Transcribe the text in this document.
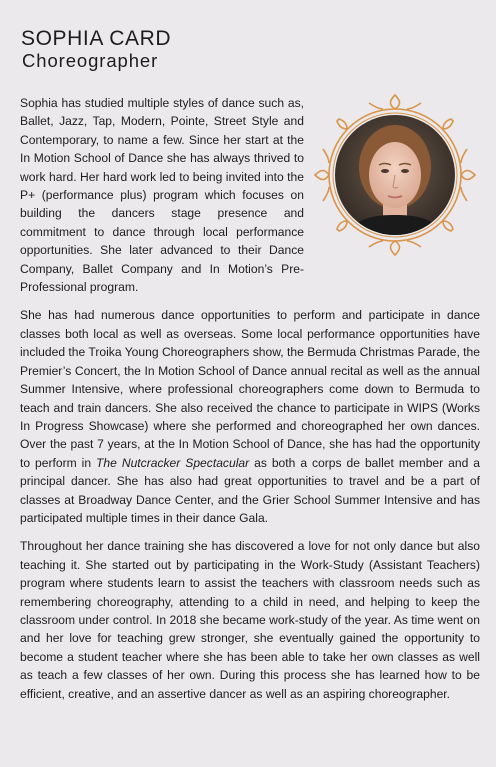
SOPHIA CARD
Choreographer

Sophia has studied multiple styles of dance such as, Ballet, Jazz, Tap, Modern, Pointe, Street Style and Contemporary, to name a few. Since her start at the In Motion School of Dance she has always thrived to work hard. Her hard work led to being invited into the P+ (performance plus) program which focuses on building the dancers stage presence and commitment to dance through local performance opportunities. She later advanced to their Dance Company, Ballet Company and In Motion’s Pre-Professional program.

She has had numerous dance opportunities to perform and participate in dance classes both local as well as overseas. Some local performance opportunities have included the Troika Young Choreographers show, the Bermuda Christmas Parade, the Premier’s Concert, the In Motion School of Dance annual recital as well as the annual Summer Intensive, where professional choreographers come down to Bermuda to teach and train dancers. She also received the chance to participate in WIPS (Works In Progress Showcase) where she performed and choreographed her own dances. Over the past 7 years, at the In Motion School of Dance, she has had the opportunity to perform in The Nutcracker Spectacular as both a corps de ballet member and a principal dancer. She has also had great opportunities to travel and be a part of classes at Broadway Dance Center, and the Grier School Summer Intensive and has participated multiple times in their dance Gala.

Throughout her dance training she has discovered a love for not only dance but also teaching it. She started out by participating in the Work-Study (Assistant Teachers) program where students learn to assist the teachers with classroom needs such as remembering choreography, attending to a child in need, and helping to keep the classroom under control. In 2018 she became work-study of the year. As time went on and her love for teaching grew stronger, she eventually gained the opportunity to become a student teacher where she has been able to take her own classes as well as teach a few classes of her own. During this process she has learned how to be efficient, creative, and an assertive dancer as well as an aspiring choreographer.
